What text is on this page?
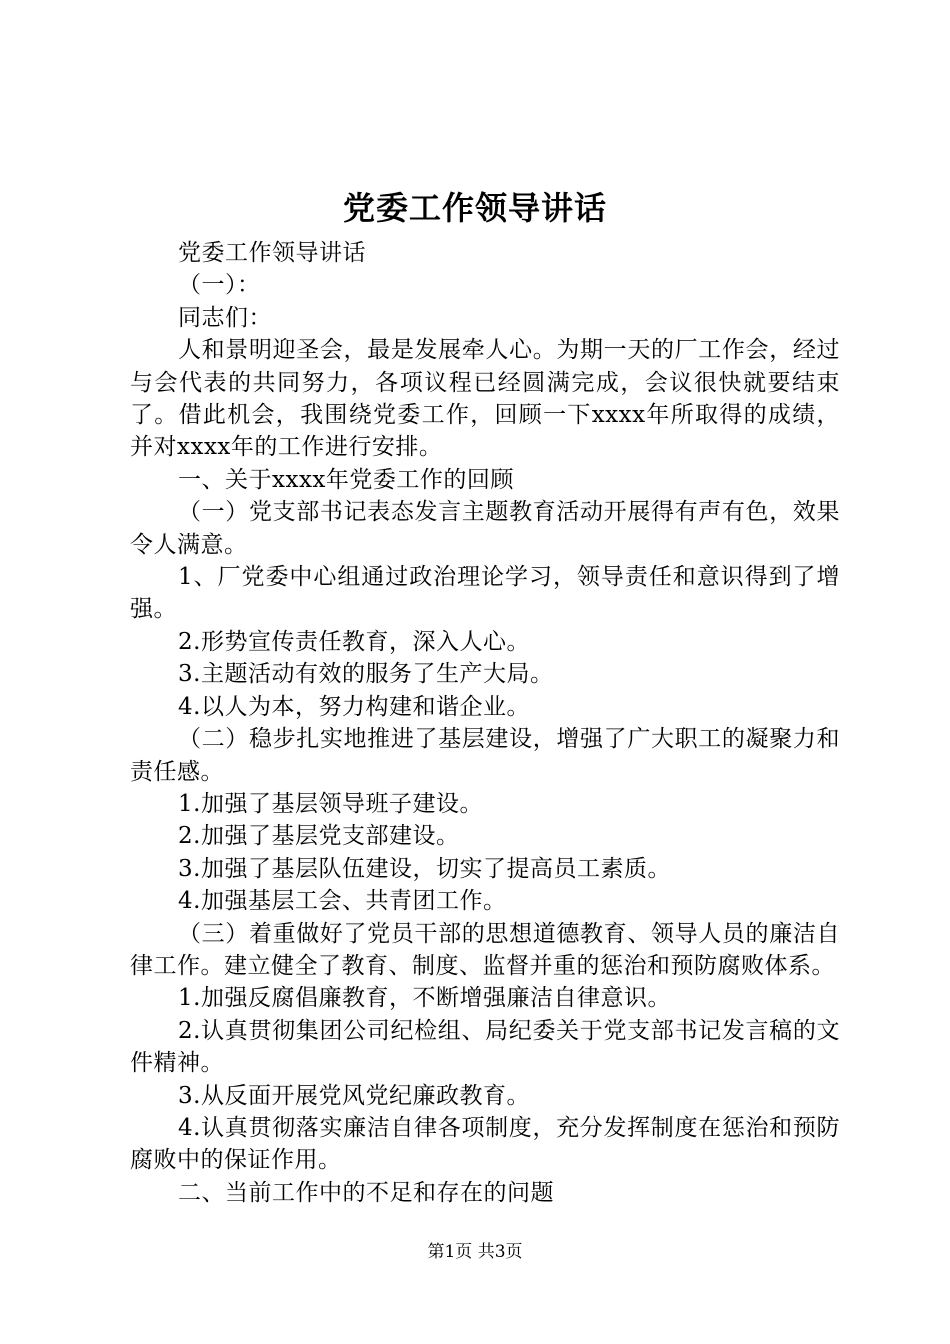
党委工作领导讲话

党委工作领导讲话

（一）：

同志们：

人和景明迎圣会，最是发展牵人心。为期一天的厂工作会，经过与会代表的共同努力，各项议程已经圆满完成，会议很快就要结束了。借此机会，我围绕党委工作，回顾一下xxxx年所取得的成绩，并对xxxx年的工作进行安排。

一、关于xxxx年党委工作的回顾

（一）党支部书记表态发言主题教育活动开展得有声有色，效果令人满意。

1、厂党委中心组通过政治理论学习，领导责任和意识得到了增强。

2.形势宣传责任教育，深入人心。

3.主题活动有效的服务了生产大局。

4.以人为本，努力构建和谐企业。

（二）稳步扎实地推进了基层建设，增强了广大职工的凝聚力和责任感。

1.加强了基层领导班子建设。

2.加强了基层党支部建设。

3.加强了基层队伍建设，切实了提高员工素质。

4.加强基层工会、共青团工作。

（三）着重做好了党员干部的思想道德教育、领导人员的廉洁自律工作。建立健全了教育、制度、监督并重的惩治和预防腐败体系。

1.加强反腐倡廉教育，不断增强廉洁自律意识。

2.认真贯彻集团公司纪检组、局纪委关于党支部书记发言稿的文件精神。

3.从反面开展党风党纪廉政教育。

4.认真贯彻落实廉洁自律各项制度，充分发挥制度在惩治和预防腐败中的保证作用。

二、当前工作中的不足和存在的问题

第1页 共3页
